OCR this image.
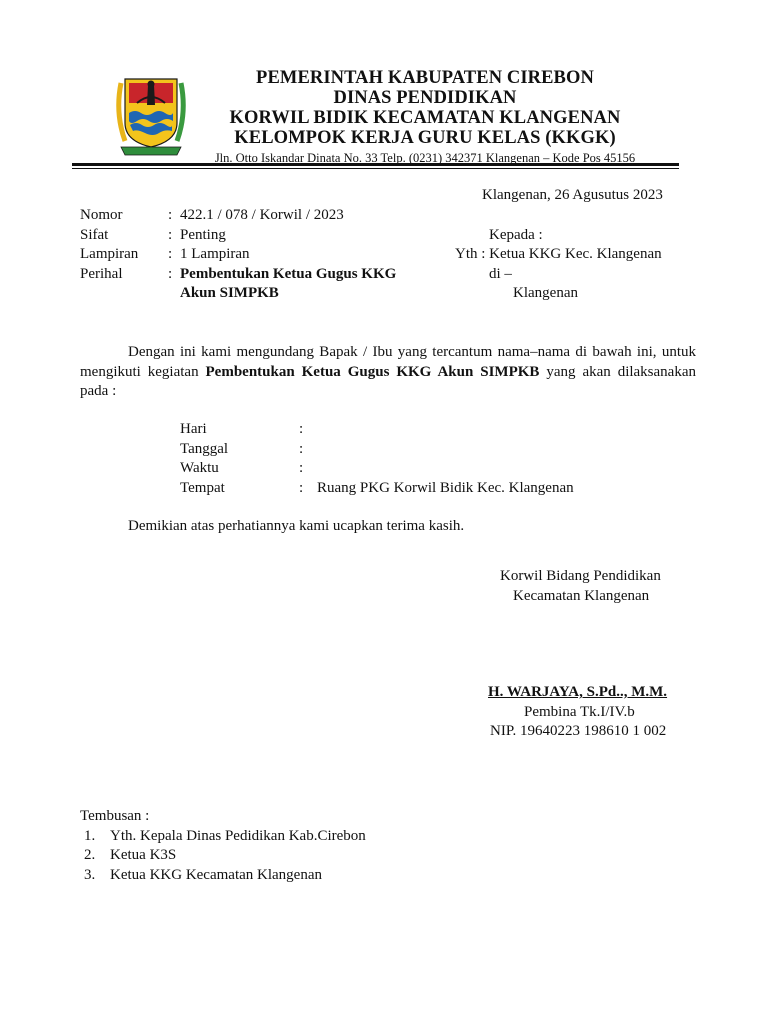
PEMERINTAH KABUPATEN CIREBON
DINAS PENDIDIKAN
KORWIL BIDIK KECAMATAN KLANGENAN
KELOMPOK KERJA GURU KELAS (KKGK)
Jln. Otto Iskandar Dinata No. 33 Telp. (0231) 342371 Klangenan – Kode Pos 45156
Klangenan, 26 Agusutus 2023
Nomor	: 422.1 / 078 / Korwil / 2023
Sifat	: Penting
Lampiran : 1 Lampiran
Perihal	: Pembentukan Ketua Gugus KKG
Akun SIMPKB
Kepada :
Yth : Ketua KKG Kec. Klangenan
di –
Klangenan
Dengan ini kami mengundang Bapak / Ibu yang tercantum nama–nama di bawah ini, untuk mengikuti kegiatan Pembentukan Ketua Gugus KKG Akun SIMPKB yang akan dilaksanakan pada :
Hari	:
Tanggal	:
Waktu	:
Tempat	: Ruang PKG Korwil Bidik Kec. Klangenan
Demikian atas perhatiannya kami ucapkan terima kasih.
Korwil Bidang Pendidikan
Kecamatan Klangenan
H. WARJAYA, S.Pd.., M.M.
Pembina Tk.I/IV.b
NIP. 19640223 198610 1 002
Tembusan :
1. Yth. Kepala Dinas Pedidikan Kab.Cirebon
2. Ketua K3S
3. Ketua KKG Kecamatan Klangenan
